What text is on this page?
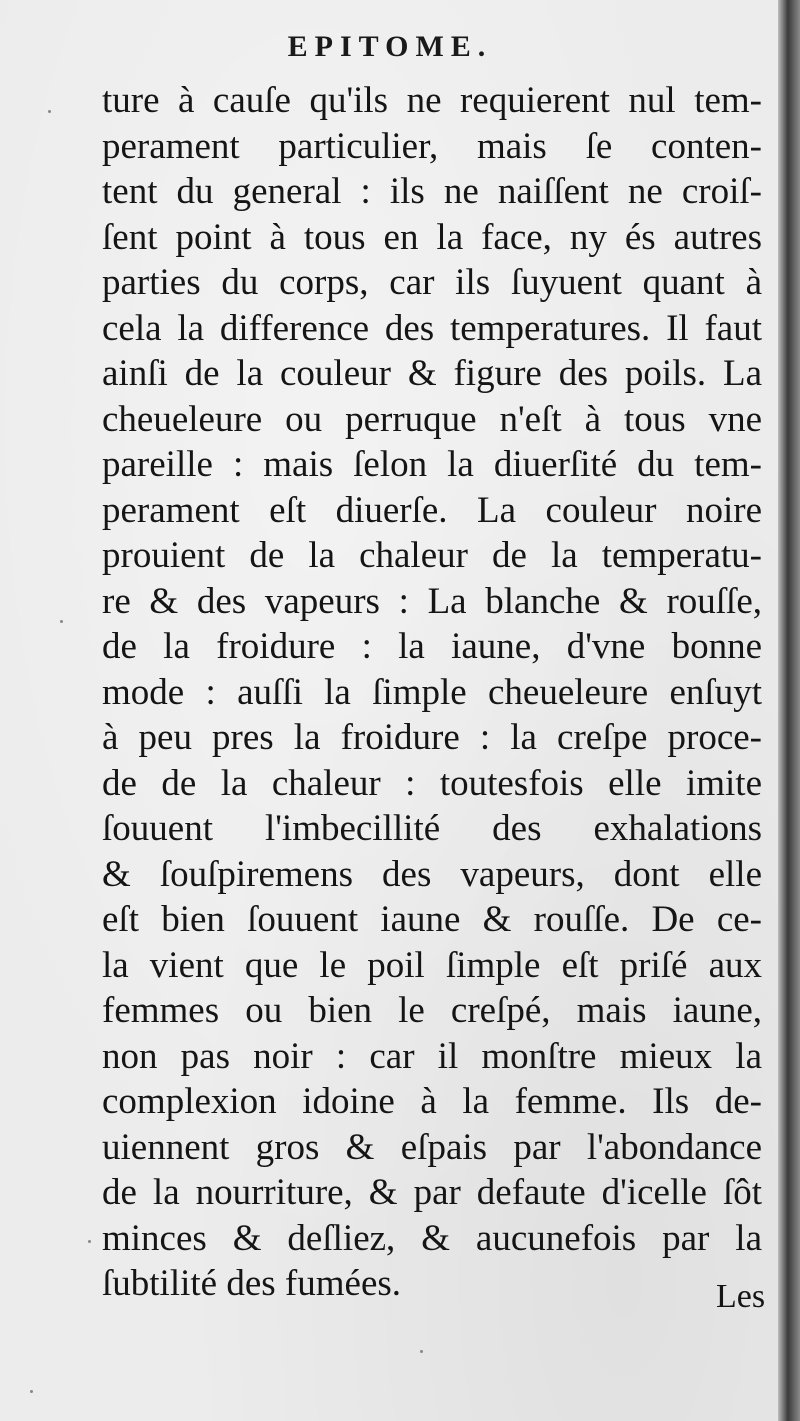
EPITOME.
ture à cauſe qu'ils ne requierent nul tem-
perament particulier, mais ſe conten-
tent du general : ils ne naiſſent ne croiſ-
ſent point à tous en la face, ny és autres
parties du corps, car ils ſuyuent quant à
cela la difference des temperatures. Il faut
ainſi de la couleur & figure des poils. La
cheueleure ou perruque n'eſt à tous vne
pareille : mais ſelon la diuerſité du tem-
perament eſt diuerſe. La couleur noire
prouient de la chaleur de la temperatu-
re & des vapeurs : La blanche & rouſſe,
de la froidure : la iaune, d'vne bonne
mode : auſſi la ſimple cheueleure enſuyt
à peu pres la froidure : la creſpe proce-
de de la chaleur : toutesfois elle imite
ſouuent l'imbecillité des exhalations
& ſouſpiremens des vapeurs, dont elle
eſt bien ſouuent iaune & rouſſe. De ce-
la vient que le poil ſimple eſt priſé aux
femmes ou bien le creſpé, mais iaune,
non pas noir : car il monſtre mieux la
complexion idoine à la femme. Ils de-
uiennent gros & eſpais par l'abondance
de la nourriture, & par defaute d'icelle ſôt
minces & deſliez, & aucunefois par la
ſubtilité des fumées.	Les
